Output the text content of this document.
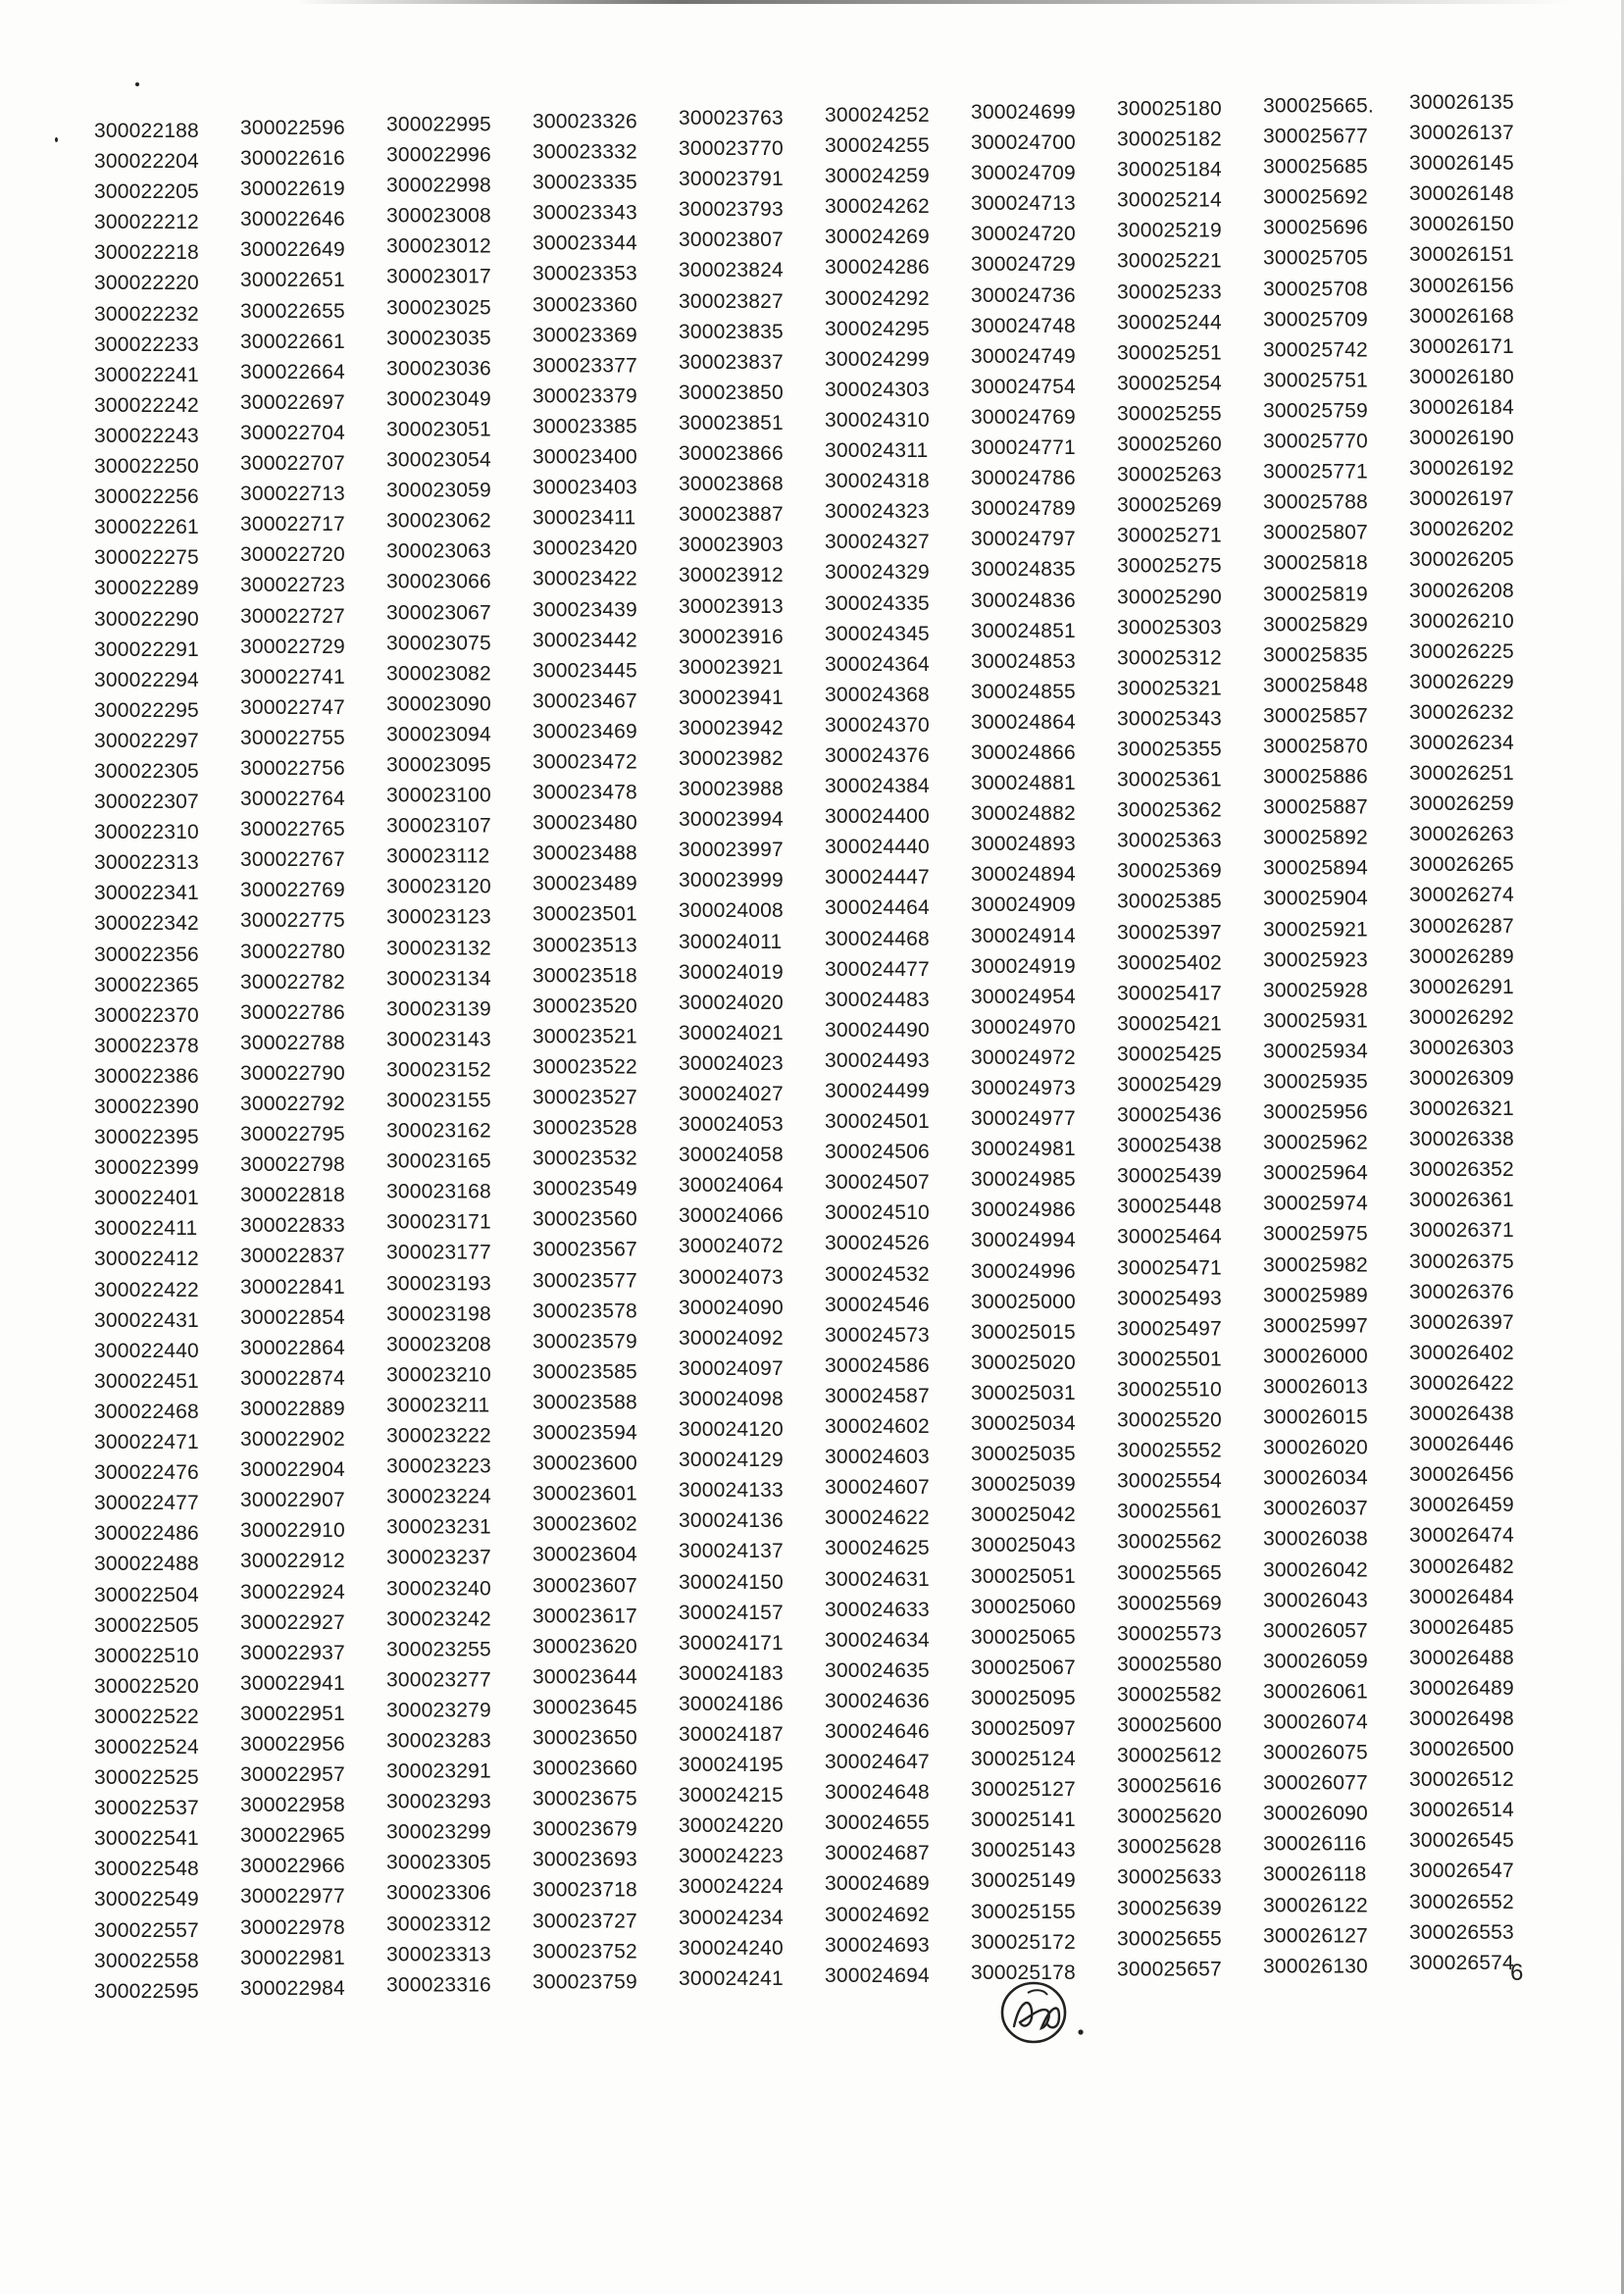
300022188
300022204
300022205
300022212
300022218
300022220
300022232
300022233
300022241
300022242
300022243
300022250
300022256
300022261
300022275
300022289
300022290
300022291
300022294
300022295
300022297
300022305
300022307
300022310
300022313
300022341
300022342
300022356
300022365
300022370
300022378
300022386
300022390
300022395
300022399
300022401
300022411
300022412
300022422
300022431
300022440
300022451
300022468
300022471
300022476
300022477
300022486
300022488
300022504
300022505
300022510
300022520
300022522
300022524
300022525
300022537
300022541
300022548
300022549
300022557
300022558
300022595
300022596
300022616
300022619
300022646
300022649
300022651
300022655
300022661
300022664
300022697
300022704
300022707
300022713
300022717
300022720
300022723
300022727
300022729
300022741
300022747
300022755
300022756
300022764
300022765
300022767
300022769
300022775
300022780
300022782
300022786
300022788
300022790
300022792
300022795
300022798
300022818
300022833
300022837
300022841
300022854
300022864
300022874
300022889
300022902
300022904
300022907
300022910
300022912
300022924
300022927
300022937
300022941
300022951
300022956
300022957
300022958
300022965
300022966
300022977
300022978
300022981
300022984
300022995
300022996
300022998
300023008
300023012
300023017
300023025
300023035
300023036
300023049
300023051
300023054
300023059
300023062
300023063
300023066
300023067
300023075
300023082
300023090
300023094
300023095
300023100
300023107
300023112
300023120
300023123
300023132
300023134
300023139
300023143
300023152
300023155
300023162
300023165
300023168
300023171
300023177
300023193
300023198
300023208
300023210
300023211
300023222
300023223
300023224
300023231
300023237
300023240
300023242
300023255
300023277
300023279
300023283
300023291
300023293
300023299
300023305
300023306
300023312
300023313
300023316
300023326
300023332
300023335
300023343
300023344
300023353
300023360
300023369
300023377
300023379
300023385
300023400
300023403
300023411
300023420
300023422
300023439
300023442
300023445
300023467
300023469
300023472
300023478
300023480
300023488
300023489
300023501
300023513
300023518
300023520
300023521
300023522
300023527
300023528
300023532
300023549
300023560
300023567
300023577
300023578
300023579
300023585
300023588
300023594
300023600
300023601
300023602
300023604
300023607
300023617
300023620
300023644
300023645
300023650
300023660
300023675
300023679
300023693
300023718
300023727
300023752
300023759
300023763
300023770
300023791
300023793
300023807
300023824
300023827
300023835
300023837
300023850
300023851
300023866
300023868
300023887
300023903
300023912
300023913
300023916
300023921
300023941
300023942
300023982
300023988
300023994
300023997
300023999
300024008
300024011
300024019
300024020
300024021
300024023
300024027
300024053
300024058
300024064
300024066
300024072
300024073
300024090
300024092
300024097
300024098
300024120
300024129
300024133
300024136
300024137
300024150
300024157
300024171
300024183
300024186
300024187
300024195
300024215
300024220
300024223
300024224
300024234
300024240
300024241
300024252
300024255
300024259
300024262
300024269
300024286
300024292
300024295
300024299
300024303
300024310
300024311
300024318
300024323
300024327
300024329
300024335
300024345
300024364
300024368
300024370
300024376
300024384
300024400
300024440
300024447
300024464
300024468
300024477
300024483
300024490
300024493
300024499
300024501
300024506
300024507
300024510
300024526
300024532
300024546
300024573
300024586
300024587
300024602
300024603
300024607
300024622
300024625
300024631
300024633
300024634
300024635
300024636
300024646
300024647
300024648
300024655
300024687
300024689
300024692
300024693
300024694
300024699
300024700
300024709
300024713
300024720
300024729
300024736
300024748
300024749
300024754
300024769
300024771
300024786
300024789
300024797
300024835
300024836
300024851
300024853
300024855
300024864
300024866
300024881
300024882
300024893
300024894
300024909
300024914
300024919
300024954
300024970
300024972
300024973
300024977
300024981
300024985
300024986
300024994
300024996
300025000
300025015
300025020
300025031
300025034
300025035
300025039
300025042
300025043
300025051
300025060
300025065
300025067
300025095
300025097
300025124
300025127
300025141
300025143
300025149
300025155
300025172
300025178
300025180
300025182
300025184
300025214
300025219
300025221
300025233
300025244
300025251
300025254
300025255
300025260
300025263
300025269
300025271
300025275
300025290
300025303
300025312
300025321
300025343
300025355
300025361
300025362
300025363
300025369
300025385
300025397
300025402
300025417
300025421
300025425
300025429
300025436
300025438
300025439
300025448
300025464
300025471
300025493
300025497
300025501
300025510
300025520
300025552
300025554
300025561
300025562
300025565
300025569
300025573
300025580
300025582
300025600
300025612
300025616
300025620
300025628
300025633
300025639
300025655
300025657
300025665.
300025677
300025685
300025692
300025696
300025705
300025708
300025709
300025742
300025751
300025759
300025770
300025771
300025788
300025807
300025818
300025819
300025829
300025835
300025848
300025857
300025870
300025886
300025887
300025892
300025894
300025904
300025921
300025923
300025928
300025931
300025934
300025935
300025956
300025962
300025964
300025974
300025975
300025982
300025989
300025997
300026000
300026013
300026015
300026020
300026034
300026037
300026038
300026042
300026043
300026057
300026059
300026061
300026074
300026075
300026077
300026090
300026116
300026118
300026122
300026127
300026130
300026135
300026137
300026145
300026148
300026150
300026151
300026156
300026168
300026171
300026180
300026184
300026190
300026192
300026197
300026202
300026205
300026208
300026210
300026225
300026229
300026232
300026234
300026251
300026259
300026263
300026265
300026274
300026287
300026289
300026291
300026292
300026303
300026309
300026321
300026338
300026352
300026361
300026371
300026375
300026376
300026397
300026402
300026422
300026438
300026446
300026456
300026459
300026474
300026482
300026484
300026485
300026488
300026489
300026498
300026500
300026512
300026514
300026545
300026547
300026552
300026553
300026574
6
